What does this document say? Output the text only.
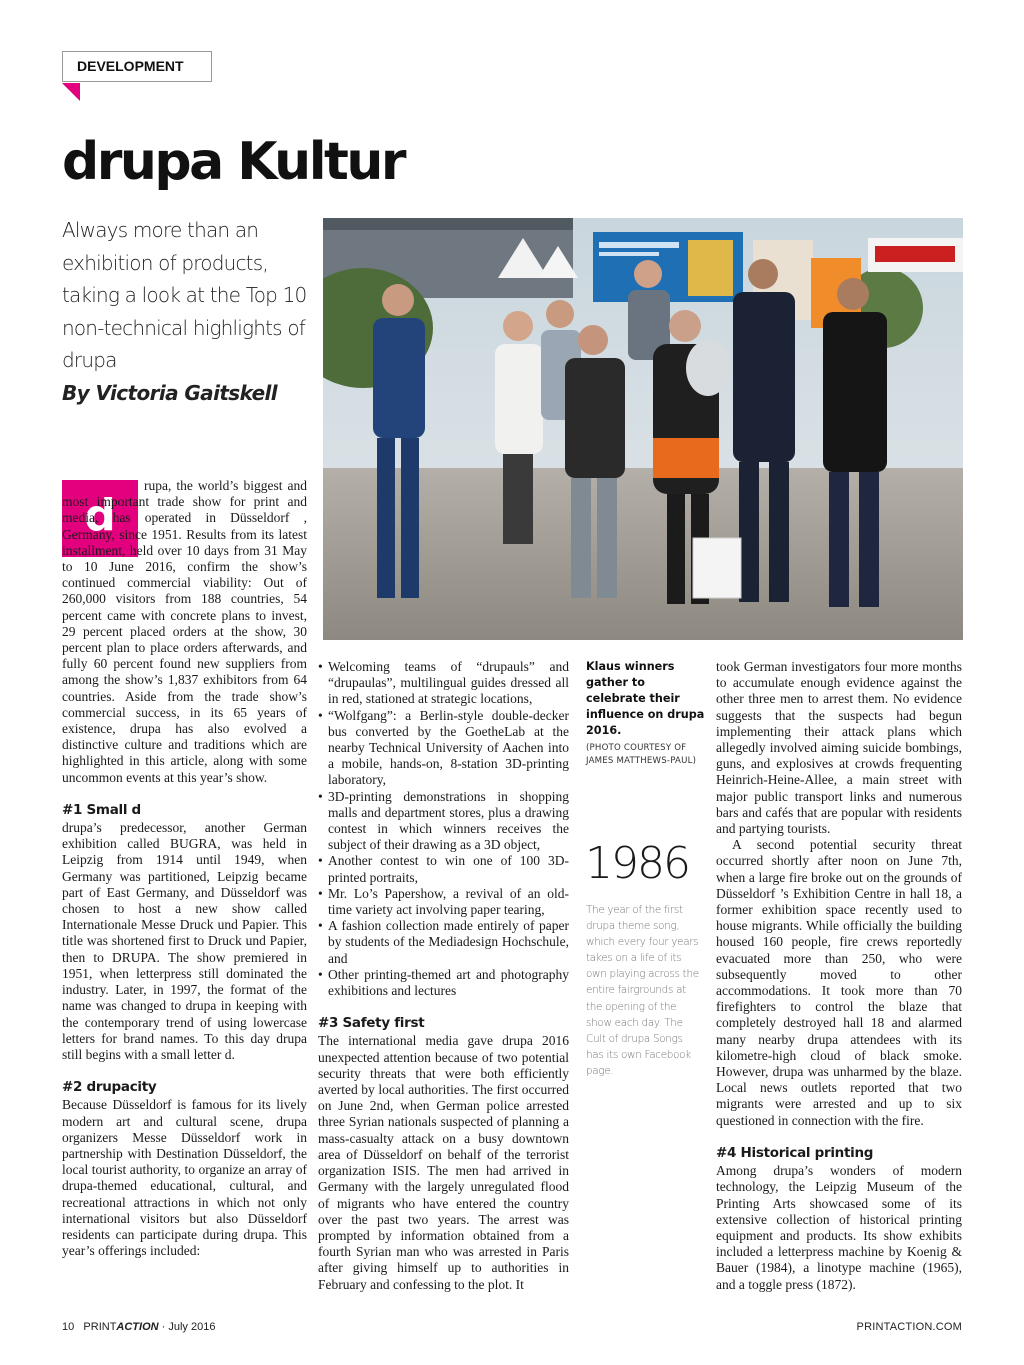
DEVELOPMENT
drupa Kultur

Always more than an exhibition of products, taking a look at the Top 10 non-technical highlights of drupa

By Victoria Gaitskell

d

rupa, the world’s biggest and most important trade show for print and media, has operated in Düsseldorf , Germany, since 1951. Results from its latest installment, held over 10 days from 31 May to 10 June 2016, confirm the show’s continued commercial viability: Out of 260,000 visitors from 188 countries, 54 percent came with concrete plans to invest, 29 percent placed orders at the show, 30 percent plan to place orders afterwards, and fully 60 percent found new suppliers from among the show’s 1,837 exhibitors from 64 countries. Aside from the trade show’s commercial success, in its 65 years of existence, drupa has also evolved a distinctive culture and traditions which are highlighted in this article, along with some uncommon events at this year’s show.

#1 Small d

drupa’s predecessor, another German exhibition called BUGRA, was held in Leipzig from 1914 until 1949, when Germany was partitioned, Leipzig became part of East Germany, and Düsseldorf was chosen to host a new show called Internationale Messe Druck und Papier. This title was shortened first to Druck und Papier, then to DRUPA. The show premiered in 1951, when letterpress still dominated the industry. Later, in 1997, the format of the name was changed to drupa in keeping with the contemporary trend of using lowercase letters for brand names. To this day drupa still begins with a small letter d.

#2 drupacity

Because Düsseldorf is famous for its lively modern art and cultural scene, drupa organizers Messe Düsseldorf work in partnership with Destination Düsseldorf, the local tourist authority, to organize an array of drupa-themed educational, cultural, and recreational attractions in which not only international visitors but also Düsseldorf residents can participate during drupa. This year’s offerings included:

• Welcoming teams of “drupauls” and “drupaulas”, multilingual guides dressed all in red, stationed at strategic locations,
• “Wolfgang”: a Berlin-style double-decker bus converted by the GoetheLab at the nearby Technical University of Aachen into a mobile, hands-on, 8-station 3D-printing laboratory,
• 3D-printing demonstrations in shopping malls and department stores, plus a drawing contest in which winners receives the subject of their drawing as a 3D object,
• Another contest to win one of 100 3D-printed portraits,
• Mr. Lo’s Papershow, a revival of an old-time variety act involving paper tearing,
• A fashion collection made entirely of paper by students of the Mediadesign Hochschule, and
• Other printing-themed art and photography exhibitions and lectures

#3 Safety first

The international media gave drupa 2016 unexpected attention because of two potential security threats that were both efficiently averted by local authorities. The first occurred on June 2nd, when German police arrested three Syrian nationals suspected of planning a mass-casualty attack on a busy downtown area of Düsseldorf on behalf of the terrorist organization ISIS. The men had arrived in Germany with the largely unregulated flood of migrants who have entered the country over the past two years. The arrest was prompted by information obtained from a fourth Syrian man who was arrested in Paris after giving himself up to authorities in February and confessing to the plot. It

Klaus winners gather to celebrate their influence on drupa 2016.

(PHOTO COURTESY OF JAMES MATTHEWS-PAUL)

1986

The year of the first drupa theme song, which every four years takes on a life of its own playing across the entire fairgrounds at the opening of the show each day. The Cult of drupa Songs has its own Facebook page.

took German investigators four more months to accumulate enough evidence against the other three men to arrest them. No evidence suggests that the suspects had begun implementing their attack plans which allegedly involved aiming suicide bombings, guns, and explosives at crowds frequenting Heinrich-Heine-Allee, a main street with major public transport links and numerous bars and cafés that are popular with residents and partying tourists.

A second potential security threat occurred shortly after noon on June 7th, when a large fire broke out on the grounds of Düsseldorf ’s Exhibition Centre in hall 18, a former exhibition space recently used to house migrants. While officially the building housed 160 people, fire crews reportedly evacuated more than 250, who were subsequently moved to other accommodations. It took more than 70 firefighters to control the blaze that completely destroyed hall 18 and alarmed many nearby drupa attendees with its kilometre-high cloud of black smoke. However, drupa was unharmed by the blaze. Local news outlets reported that two migrants were arrested and up to six questioned in connection with the fire.

#4 Historical printing

Among drupa’s wonders of modern technology, the Leipzig Museum of the Printing Arts showcased some of its extensive collection of historical printing equipment and products. Its show exhibits included a letterpress machine by Koenig & Bauer (1984), a linotype machine (1965), and a toggle press (1872).

10 PRINTACTION · July 2016	PRINTACTION.COM
